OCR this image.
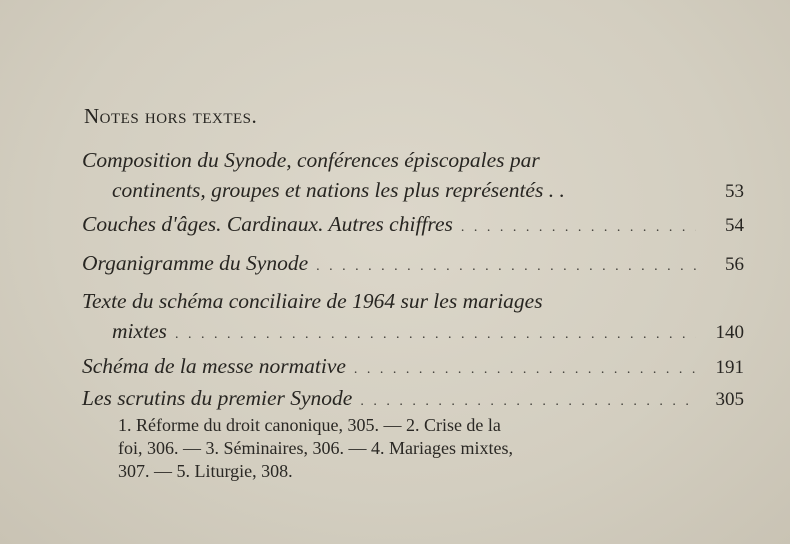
Notes hors textes.
Composition du Synode, conférences épiscopales par
continents, groupes et nations les plus représentés . .	53
Couches d'âges. Cardinaux. Autres chiffres . . .	54
Organigramme du Synode . . .	56
Texte du schéma conciliaire de 1964 sur les mariages
mixtes . . .	140
Schéma de la messe normative . . .	191
Les scrutins du premier Synode . . .	305
1. Réforme du droit canonique, 305. — 2. Crise de la
foi, 306. — 3. Séminaires, 306. — 4. Mariages mixtes,
307. — 5. Liturgie, 308.
